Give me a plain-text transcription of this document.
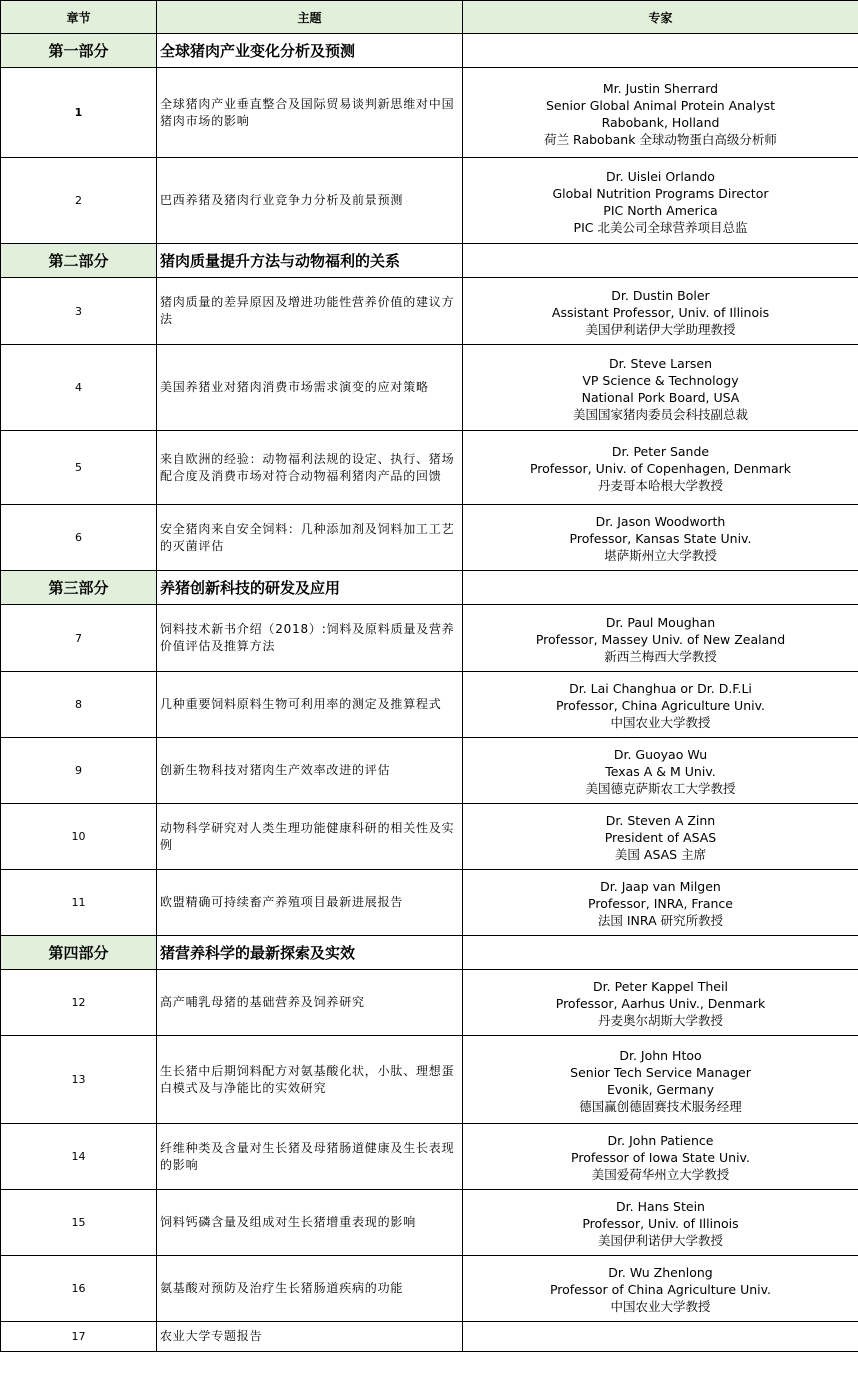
章节	主题	专家
第一部分	全球猪肉产业变化分析及预测	
1	全球猪肉产业垂直整合及国际贸易谈判新思维对中国猪肉市场的影响	Mr. Justin Sherrard
Senior Global Animal Protein Analyst
Rabobank, Holland
荷兰 Rabobank 全球动物蛋白高级分析师

2	巴西养猪及猪肉行业竞争力分析及前景预测	Dr. Uislei Orlando
Global Nutrition Programs Director
PIC North America
PIC 北美公司全球营养项目总监

第二部分	猪肉质量提升方法与动物福利的关系	
3	猪肉质量的差异原因及增进功能性营养价值的建议方法	Dr. Dustin Boler
Assistant Professor, Univ. of Illinois
美国伊利诺伊大学助理教授

4	美国养猪业对猪肉消费市场需求演变的应对策略	Dr. Steve Larsen
VP Science & Technology
National Pork Board, USA
美国国家猪肉委员会科技副总裁

5	来自欧洲的经验：动物福利法规的设定、执行、猪场配合度及消费市场对符合动物福利猪肉产品的回馈	Dr. Peter Sande
Professor, Univ. of Copenhagen, Denmark
丹麦哥本哈根大学教授

6	安全猪肉来自安全饲料：几种添加剂及饲料加工工艺的灭菌评估	Dr. Jason Woodworth
Professor, Kansas State Univ.
堪萨斯州立大学教授

第三部分	养猪创新科技的研发及应用	
7	饲料技术新书介绍（2018）:饲料及原料质量及营养价值评估及推算方法	Dr. Paul Moughan
Professor, Massey Univ. of New Zealand
新西兰梅西大学教授

8	几种重要饲料原料生物可利用率的测定及推算程式	Dr. Lai Changhua or Dr. D.F.Li
Professor, China Agriculture Univ.
中国农业大学教授

9	创新生物科技对猪肉生产效率改进的评估	Dr. Guoyao Wu
Texas A & M Univ.
美国德克萨斯农工大学教授

10	动物科学研究对人类生理功能健康科研的相关性及实例	Dr. Steven A Zinn
President of ASAS
美国 ASAS 主席

11	欧盟精确可持续畜产养殖项目最新进展报告	Dr. Jaap van Milgen
Professor, INRA, France
法国 INRA 研究所教授

第四部分	猪营养科学的最新探索及实效	
12	高产哺乳母猪的基础营养及饲养研究	Dr. Peter Kappel Theil
Professor, Aarhus Univ., Denmark
丹麦奥尔胡斯大学教授

13	生长猪中后期饲料配方对氨基酸化状，小肽、理想蛋白模式及与净能比的实效研究	Dr. John Htoo
Senior Tech Service Manager
Evonik, Germany
德国赢创德固赛技术服务经理

14	纤维种类及含量对生长猪及母猪肠道健康及生长表现的影响	Dr. John Patience
Professor of Iowa State Univ.
美国爱荷华州立大学教授

15	饲料钙磷含量及组成对生长猪增重表现的影响	Dr. Hans Stein
Professor, Univ. of Illinois
美国伊利诺伊大学教授

16	氨基酸对预防及治疗生长猪肠道疾病的功能	Dr. Wu Zhenlong
Professor of China Agriculture Univ.
中国农业大学教授

17	农业大学专题报告	
